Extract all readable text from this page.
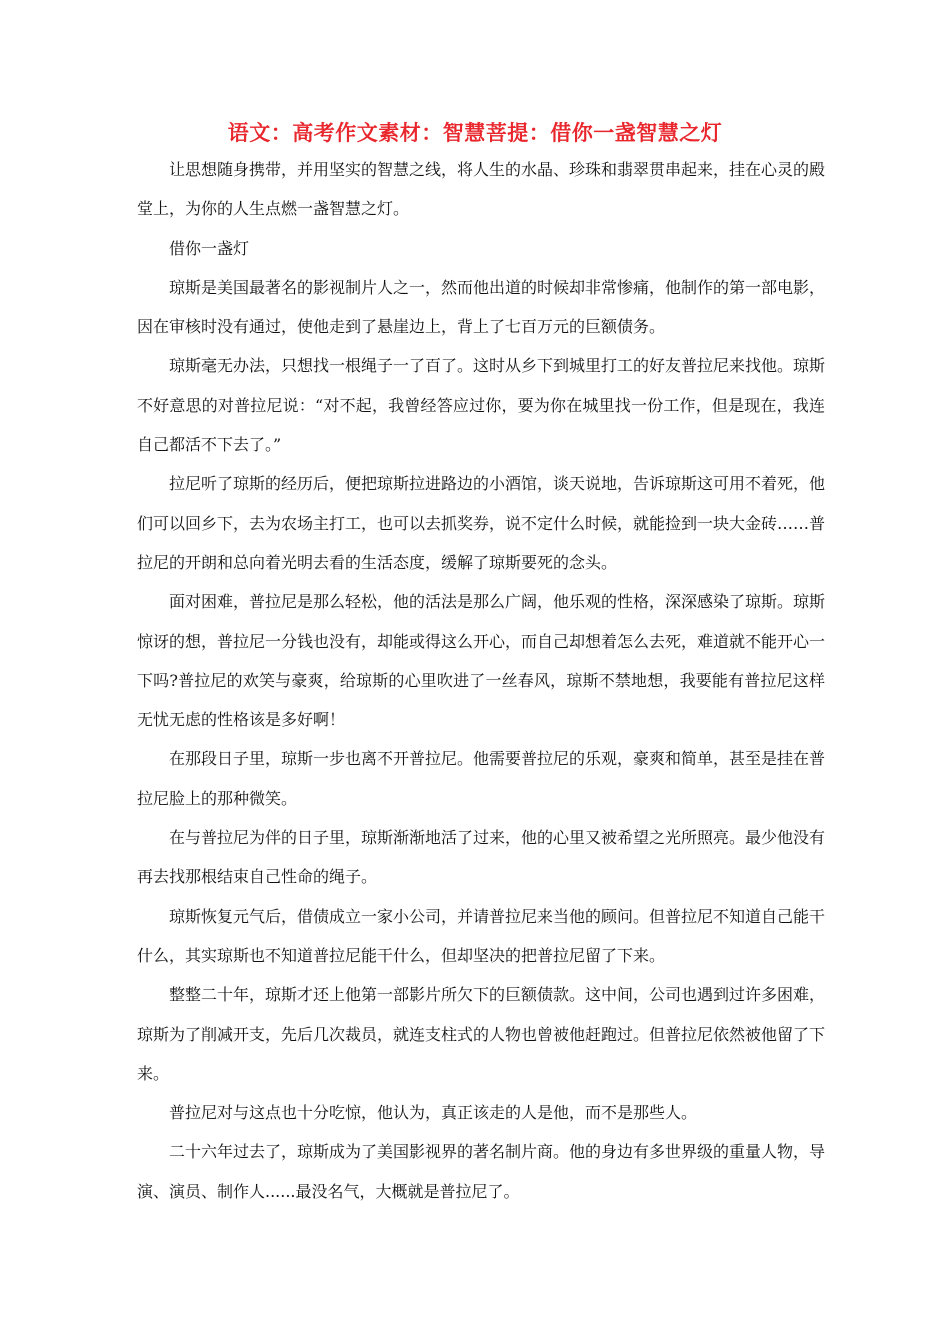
语文：高考作文素材：智慧菩提：借你一盏智慧之灯

让思想随身携带，并用坚实的智慧之线，将人生的水晶、珍珠和翡翠贯串起来，挂在心灵的殿堂上，为你的人生点燃一盏智慧之灯。

借你一盏灯

琼斯是美国最著名的影视制片人之一，然而他出道的时候却非常惨痛，他制作的第一部电影，因在审核时没有通过，使他走到了悬崖边上，背上了七百万元的巨额债务。

琼斯毫无办法，只想找一根绳子一了百了。这时从乡下到城里打工的好友普拉尼来找他。琼斯不好意思的对普拉尼说：“对不起，我曾经答应过你，要为你在城里找一份工作，但是现在，我连自己都活不下去了。”

拉尼听了琼斯的经历后，便把琼斯拉进路边的小酒馆，谈天说地，告诉琼斯这可用不着死，他们可以回乡下，去为农场主打工，也可以去抓奖券，说不定什么时候，就能捡到一块大金砖……普拉尼的开朗和总向着光明去看的生活态度，缓解了琼斯要死的念头。

面对困难，普拉尼是那么轻松，他的活法是那么广阔，他乐观的性格，深深感染了琼斯。琼斯惊讶的想，普拉尼一分钱也没有，却能或得这么开心，而自己却想着怎么去死，难道就不能开心一下吗?普拉尼的欢笑与豪爽，给琼斯的心里吹进了一丝春风，琼斯不禁地想，我要能有普拉尼这样无忧无虑的性格该是多好啊！

在那段日子里，琼斯一步也离不开普拉尼。他需要普拉尼的乐观，豪爽和简单，甚至是挂在普拉尼脸上的那种微笑。

在与普拉尼为伴的日子里，琼斯渐渐地活了过来，他的心里又被希望之光所照亮。最少他没有再去找那根结束自己性命的绳子。

琼斯恢复元气后，借债成立一家小公司，并请普拉尼来当他的顾问。但普拉尼不知道自己能干什么，其实琼斯也不知道普拉尼能干什么，但却坚决的把普拉尼留了下来。

整整二十年，琼斯才还上他第一部影片所欠下的巨额债款。这中间，公司也遇到过许多困难，琼斯为了削减开支，先后几次裁员，就连支柱式的人物也曾被他赶跑过。但普拉尼依然被他留了下来。

普拉尼对与这点也十分吃惊，他认为，真正该走的人是他，而不是那些人。

二十六年过去了，琼斯成为了美国影视界的著名制片商。他的身边有多世界级的重量人物，导演、演员、制作人......最没名气，大概就是普拉尼了。
